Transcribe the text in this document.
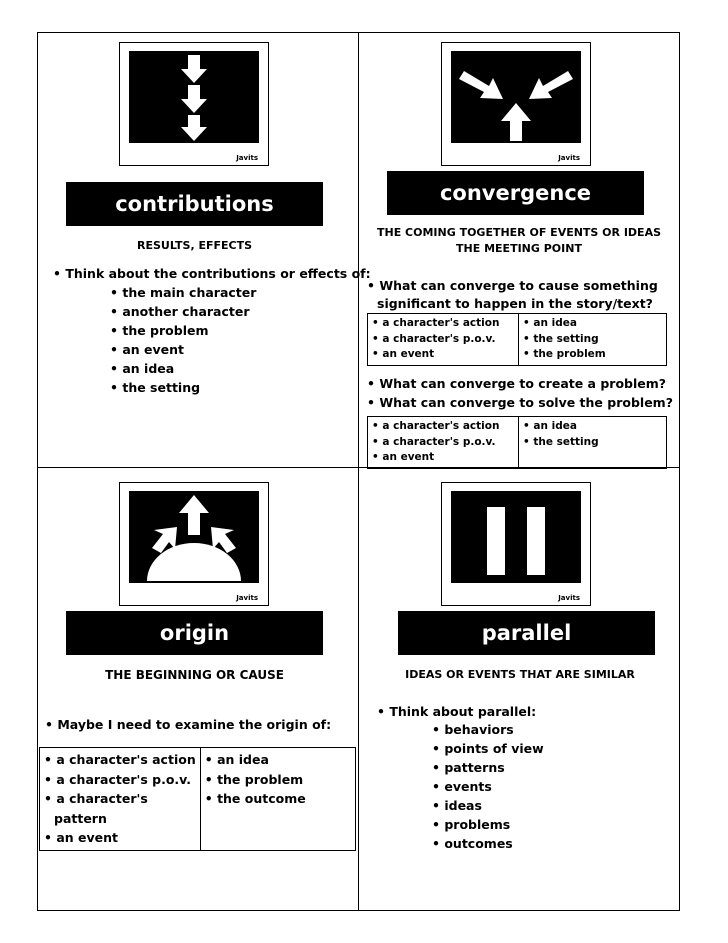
Javits
contributions
RESULTS, EFFECTS
• Think about the contributions or effects of:
• the main character
• another character
• the problem
• an event
• an idea
• the setting
Javits
convergence
THE COMING TOGETHER OF EVENTS OR IDEAS
THE MEETING POINT
• What can converge to cause something
significant to happen in the story/text?
• a character's action
• a character's p.o.v.
• an event

• an idea
• the setting
• the problem
• What can converge to create a problem?
• What can converge to solve the problem?
• a character's action
• a character's p.o.v.
• an event

• an idea
• the setting
Javits
origin
THE BEGINNING OR CAUSE
• Maybe I need to examine the origin of:
• a character's action
• a character's p.o.v.
• a character's
pattern
• an event

• an idea
• the problem
• the outcome
Javits
parallel
IDEAS OR EVENTS THAT ARE SIMILAR
• Think about parallel:
• behaviors
• points of view
• patterns
• events
• ideas
• problems
• outcomes
